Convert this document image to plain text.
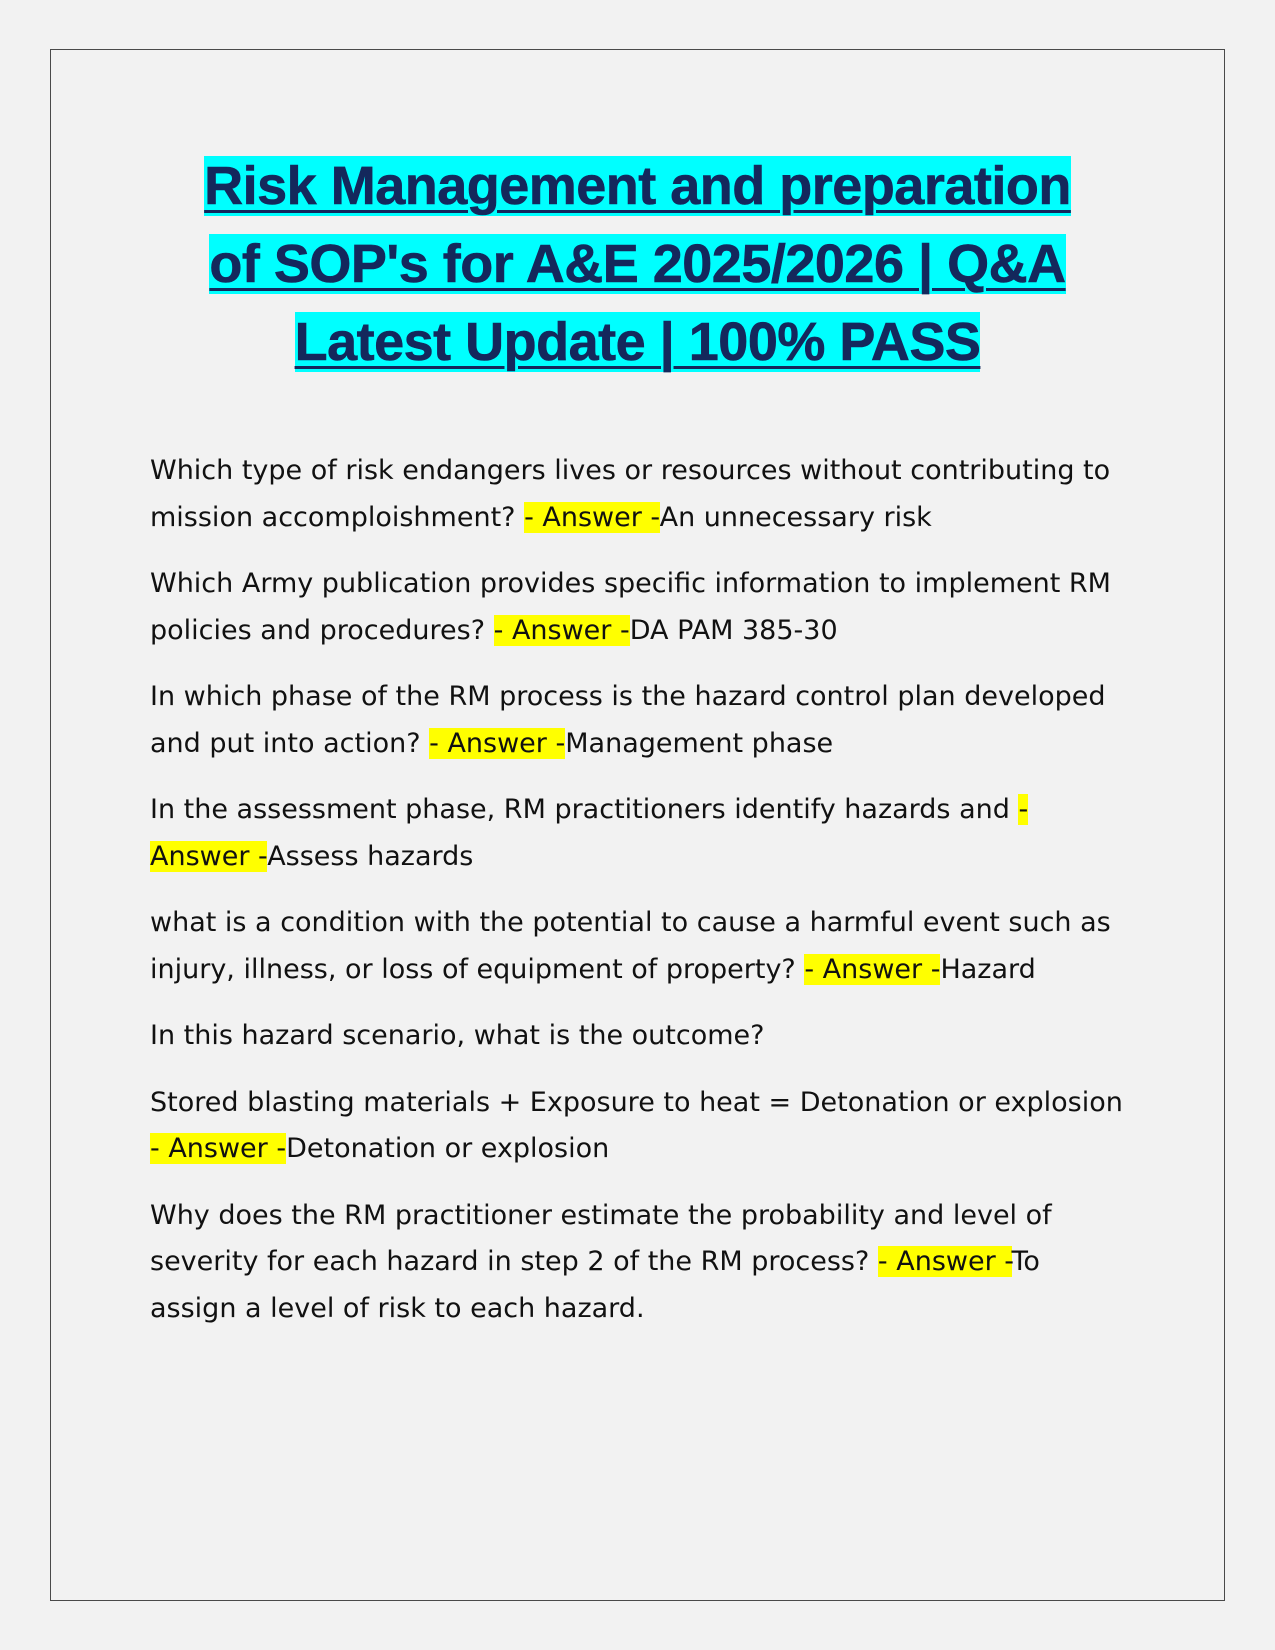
Risk Management and preparation
of SOP's for A&E 2025/2026 | Q&A
Latest Update | 100% PASS

Which type of risk endangers lives or resources without contributing to mission accomploishment? - Answer -An unnecessary risk

Which Army publication provides specific information to implement RM policies and procedures? - Answer -DA PAM 385-30

In which phase of the RM process is the hazard control plan developed and put into action? - Answer -Management phase

In the assessment phase, RM practitioners identify hazards and - Answer -Assess hazards

what is a condition with the potential to cause a harmful event such as injury, illness, or loss of equipment of property? - Answer -Hazard

In this hazard scenario, what is the outcome?

Stored blasting materials + Exposure to heat = Detonation or explosion - Answer -Detonation or explosion

Why does the RM practitioner estimate the probability and level of severity for each hazard in step 2 of the RM process? - Answer -To assign a level of risk to each hazard.
